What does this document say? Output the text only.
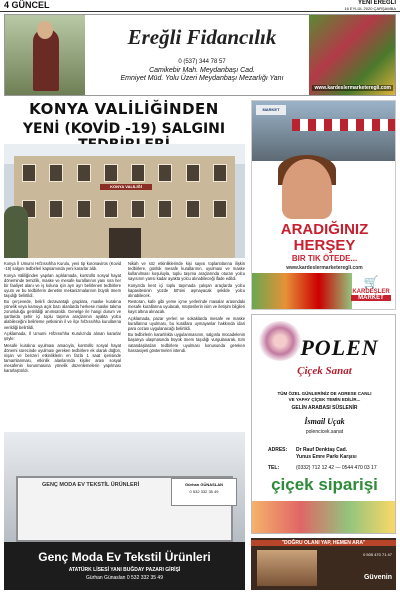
4 GÜNCEL	YENİ EREĞLİ
16 EYLÜL 2020 ÇARŞAMBA
Ereğli Fidancılık
0 (537) 344 78 57
Camikebir Mah. Meydanbaşı Cad.
Emniyet Müd. Yolu Üzeri Meydanbaşı Mezarlığı Yanı
www.kardeslermarketeregli.com
KONYA VALİLİĞİNDEN
YENİ (KOVİD -19) SALGINI
KONYA VALİLİĞİ

Konya İl Umumi Hıfzıssıhha Kurulu, yeni tip koronavirüs (Kovid -19) salgını tedbirleri kapsamında yeni kararlar aldı.

Konya Valiliğinden yapılan açıklamada, kontrollü sosyal hayat döneminde temizlik, maske ve mesafe kurallarının yanı sıra her bir faaliyet alanı ve iş koluna için ayrı ayrı belirlenen tedbirlere uyum ve bu tedbirlerin denetim mekanizmalarının büyük önem taşıdığı belirtildi.

Bu çerçevede, belirli dezavantajlı gruplara, maske kuralına yönelik veya kamuya açık bazı alanlarda herkese maske takma zorunluluğu getirildiği anımsatıldı. Genelge ile hangi durum ve şartlarda şehir içi toplu taşıma araçlarının ayakta yolcu alabileceğini belirleme yetkisinin il ve ilçe hıfzıssıhha kurullarına verildiği belirtildi.

Açıklamada, İl Umumi Hıfzıssıhha Kurulu'nda alınan kararlar şöyle:

Mesafe kuralına uyulması amacıyla, kontrollü sosyal hayat dönemi sürecinde uyulması gereken tedbirlere ek olarak düğün, nişan ve benzeri etkinliklerin en fazla 1 saat içerisinde tamamlanması, etkinlik alanlarında kişiler arası sosyal mesafenin korunmasına yönelik düzenlemelerin yapılması kararlaştırıldı.

Nikah ve söz etkinliklerinde kişi sayısı toplantılarına ilişkin tedbirlere, günlük mesafe kurallarının, uyulması ve maske kullanılması koşuluyla, toplu taşıma araçlarında oturan yolcu sayısının yarısı kadar ayakta yolcu alınabileceği ifade edildi.

Konya'da kent içi toplu taşımada çalışan araçlarda yolcu kapasitesinin yüzde 50'sini aşmayacak şekilde yolcu alınabilecek.

Restoran, kafe gibi yeme içme yerlerinde masalar arasındaki mesafe kurallarına uyulacak, müşterilerin isim ve iletişim bilgileri kayıt altına alınacak.

Açıklamada, pazar yerleri ve sokaklarda mesafe ve maske kurallarına uyulması, bu kurallara uymayanlar hakkında idari para cezası uygulanacağı belirtildi.

Bu tedbirlerin kararlılıkla uygulanmasının, salgınla mücadelenin başarıya ulaşmasında büyük önem taşıdığı vurgulanarak, tüm vatandaşlardan tedbirlere uyulması konusunda gereken hassasiyeti göstermeleri istendi.

GENÇ MODA EV TEKSTİL ÜRÜNLERİ	Gürhan GÜNASLAN
0 532 332 35 49
Genç Moda Ev Tekstil Ürünleri
ATATÜRK LİSESİ YANI BUĞDAY PAZARI GİRİŞİ
Gürhan Günaslan 0 532 332 35 49
MARKET
ARADIĞINIZ
HERŞEY
BIR TIK ÖTEDE...
www.kardeslermarketeregli.com
🛒
KARDEŞLER
MARKET
POLEN
Çiçek Sanat
TÜM ÖZEL GÜNLERİNİZ DE ADRESE CANLI
VE YAPAY ÇİÇEK TEMİN EDİLİR...
GELİN ARABASI SÜSLENİR
İsmail Uçak
polencicek.sanat
ADRES: Dr Rauf Denktaş Cad.
Yunus Emre Parkı Karşısı
TEL:	(0332) 712 12 42 — 0544 470 03 17
çiçek siparişi
"DOĞRU OLANI YAP, HEMEN ARA"
0 505 470 71 47
Güvenin
